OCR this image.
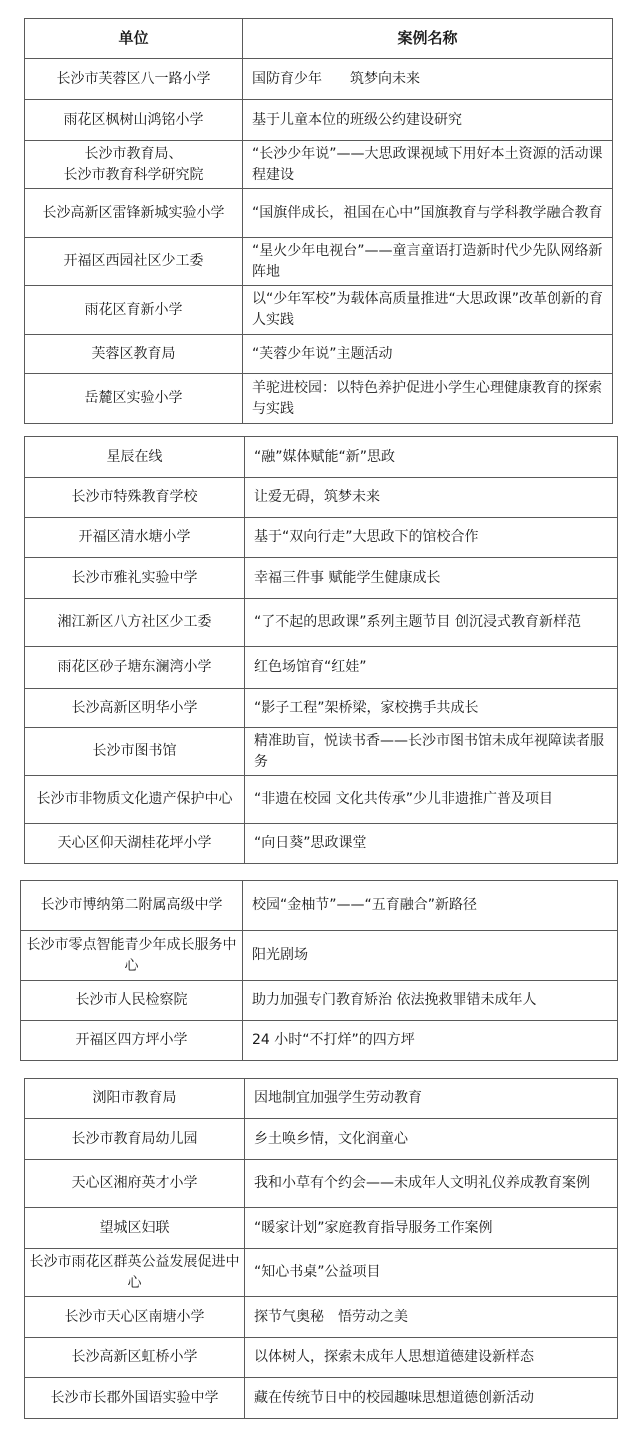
单位	案例名称
长沙市芙蓉区八一路小学	国防育少年　　筑梦向未来
雨花区枫树山鸿铭小学	基于儿童本位的班级公约建设研究
长沙市教育局、
长沙市教育科学研究院	“长沙少年说”——大思政课视域下用好本土资源的活动课程建设
长沙高新区雷锋新城实验小学	“国旗伴成长，祖国在心中”国旗教育与学科教学融合教育
开福区西园社区少工委	“星火少年电视台”——童言童语打造新时代少先队网络新阵地
雨花区育新小学	以“少年军校”为载体高质量推进“大思政课”改革创新的育人实践
芙蓉区教育局	“芙蓉少年说”主题活动
岳麓区实验小学	羊驼进校园：以特色养护促进小学生心理健康教育的探索与实践
星辰在线	“融”媒体赋能“新”思政
长沙市特殊教育学校	让爱无碍，筑梦未来
开福区清水塘小学	基于“双向行走”大思政下的馆校合作
长沙市雅礼实验中学	幸福三件事 赋能学生健康成长
湘江新区八方社区少工委	“了不起的思政课”系列主题节目 创沉浸式教育新样范
雨花区砂子塘东澜湾小学	红色场馆育“红娃”
长沙高新区明华小学	“影子工程”架桥梁，家校携手共成长
长沙市图书馆	精准助盲，悦读书香——长沙市图书馆未成年视障读者服务
长沙市非物质文化遗产保护中心	“非遗在校园 文化共传承”少儿非遗推广普及项目
天心区仰天湖桂花坪小学	“向日葵”思政课堂
长沙市博纳第二附属高级中学	校园“金柚节”——“五育融合”新路径
长沙市零点智能青少年成长服务中心	阳光剧场
长沙市人民检察院	助力加强专门教育矫治 依法挽救罪错未成年人
开福区四方坪小学	24 小时“不打烊”的四方坪
浏阳市教育局	因地制宜加强学生劳动教育
长沙市教育局幼儿园	乡土唤乡情，文化润童心
天心区湘府英才小学	我和小草有个约会——未成年人文明礼仪养成教育案例
望城区妇联	“暖家计划”家庭教育指导服务工作案例
长沙市雨花区群英公益发展促进中心	“知心书桌”公益项目
长沙市天心区南塘小学	探节气奥秘　悟劳动之美
长沙高新区虹桥小学	以体树人，探索未成年人思想道德建设新样态
长沙市长郡外国语实验中学	藏在传统节日中的校园趣味思想道德创新活动
